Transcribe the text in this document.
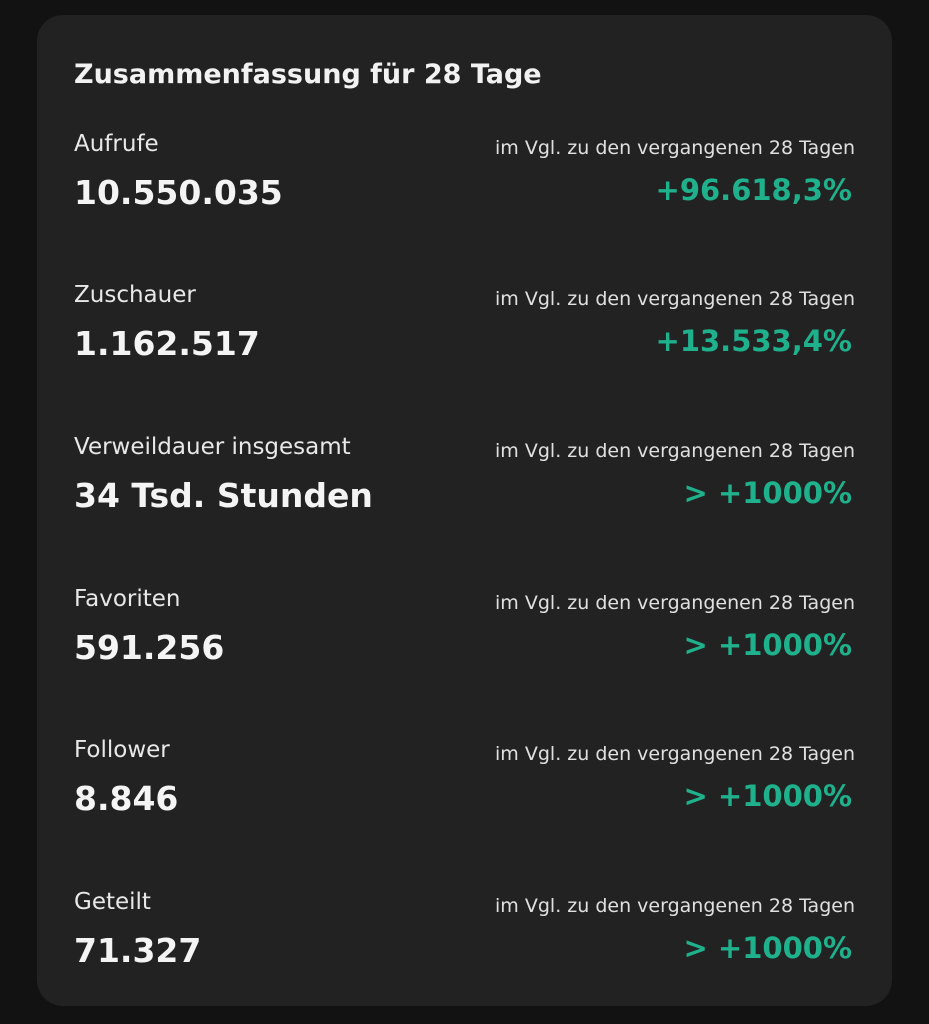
Zusammenfassung für 28 Tage
Aufrufe
10.550.035
im Vgl. zu den vergangenen 28 Tagen
+96.618,3%
Zuschauer
1.162.517
im Vgl. zu den vergangenen 28 Tagen
+13.533,4%
Verweildauer insgesamt
34 Tsd. Stunden
im Vgl. zu den vergangenen 28 Tagen
> +1000%
Favoriten
591.256
im Vgl. zu den vergangenen 28 Tagen
> +1000%
Follower
8.846
im Vgl. zu den vergangenen 28 Tagen
> +1000%
Geteilt
71.327
im Vgl. zu den vergangenen 28 Tagen
> +1000%
